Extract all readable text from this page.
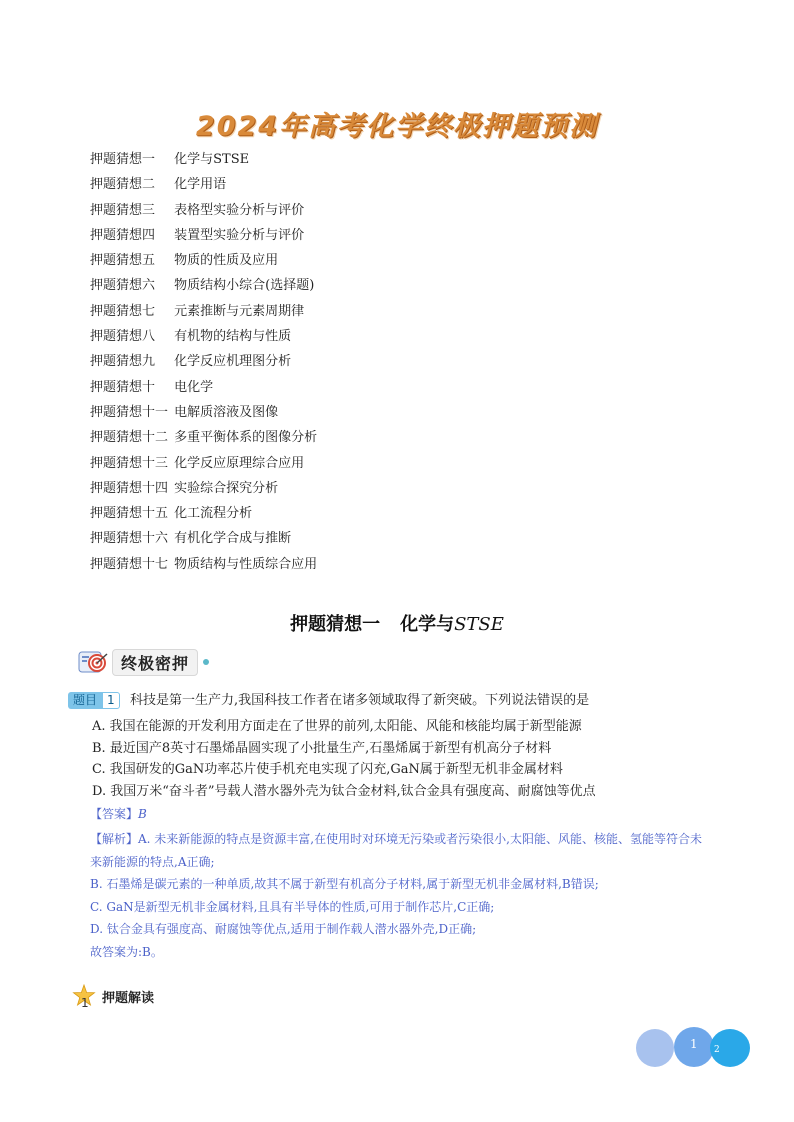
2024年高考化学终极押题预测
押题猜想一 化学与STSE
押题猜想二 化学用语
押题猜想三 表格型实验分析与评价
押题猜想四 装置型实验分析与评价
押题猜想五 物质的性质及应用
押题猜想六 物质结构小综合(选择题)
押题猜想七 元素推断与元素周期律
押题猜想八 有机物的结构与性质
押题猜想九 化学反应机理图分析
押题猜想十 电化学
押题猜想十一 电解质溶液及图像
押题猜想十二 多重平衡体系的图像分析
押题猜想十三 化学反应原理综合应用
押题猜想十四 实验综合探究分析
押题猜想十五 化工流程分析
押题猜想十六 有机化学合成与推断
押题猜想十七 物质结构与性质综合应用
押题猜想一 化学与STSE
终极密押
题目 1	科技是第一生产力,我国科技工作者在诸多领域取得了新突破。下列说法错误的是
A. 我国在能源的开发利用方面走在了世界的前列,太阳能、风能和核能均属于新型能源
B. 最近国产8英寸石墨烯晶圆实现了小批量生产,石墨烯属于新型有机高分子材料
C. 我国研发的GaN功率芯片使手机充电实现了闪充,GaN属于新型无机非金属材料
D. 我国万米“奋斗者”号载人潜水器外壳为钛合金材料,钛合金具有强度高、耐腐蚀等优点
【答案】B

【解析】A. 未来新能源的特点是资源丰富,在使用时对环境无污染或者污染很小,太阳能、风能、核能、氢能等符合未来新能源的特点,A正确;

B. 石墨烯是碳元素的一种单质,故其不属于新型有机高分子材料,属于新型无机非金属材料,B错误;

C. GaN是新型无机非金属材料,且具有半导体的性质,可用于制作芯片,C正确;

D. 钛合金具有强度高、耐腐蚀等优点,适用于制作载人潜水器外壳,D正确;

故答案为:B。

1 押题解读
1 2
